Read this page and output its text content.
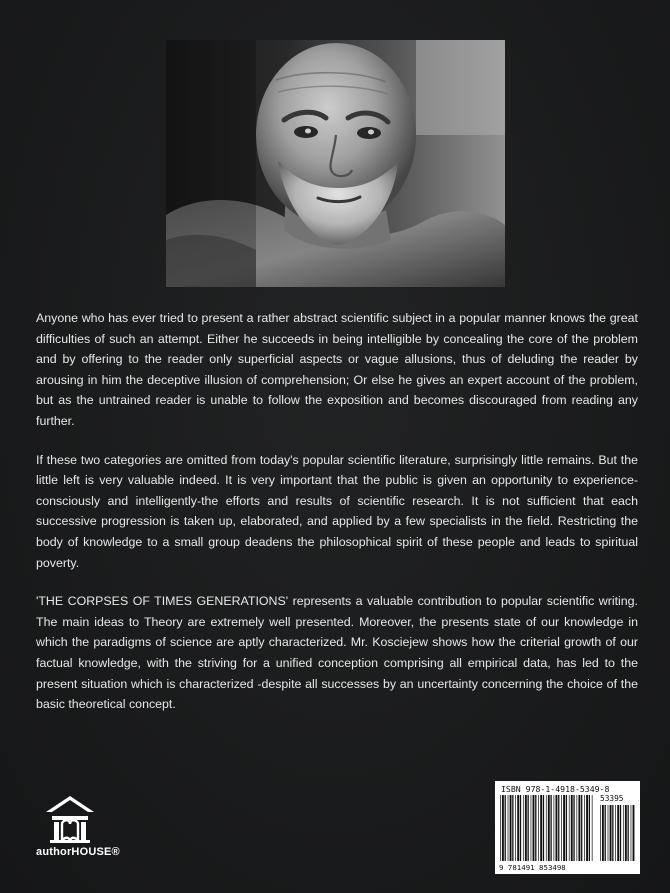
Anyone who has ever tried to present a rather abstract scientific subject in a popular manner knows the great difficulties of such an attempt. Either he succeeds in being intelligible by concealing the core of the problem and by offering to the reader only superficial aspects or vague allusions, thus of deluding the reader by arousing in him the deceptive illusion of comprehension; Or else he gives an expert account of the problem, but as the untrained reader is unable to follow the exposition and becomes discouraged from reading any further.

If these two categories are omitted from today's popular scientific literature, surprisingly little remains. But the little left is very valuable indeed. It is very important that the public is given an opportunity to experience-consciously and intelligently-the efforts and results of scientific research. It is not sufficient that each successive progression is taken up, elaborated, and applied by a few specialists in the field. Restricting the body of knowledge to a small group deadens the philosophical spirit of these people and leads to spiritual poverty.

'THE CORPSES OF TIMES GENERATIONS' represents a valuable contribution to popular scientific writing. The main ideas to Theory are extremely well presented. Moreover, the presents state of our knowledge in which the paradigms of science are aptly characterized. Mr. Kosciejew shows how the criterial growth of our factual knowledge, with the striving for a unified conception comprising all empirical data, has led to the present situation which is characterized -despite all successes by an uncertainty concerning the choice of the basic theoretical concept.

authorHOUSE®
ISBN 978-1-4918-5349-8
53395
9 781491 853498
